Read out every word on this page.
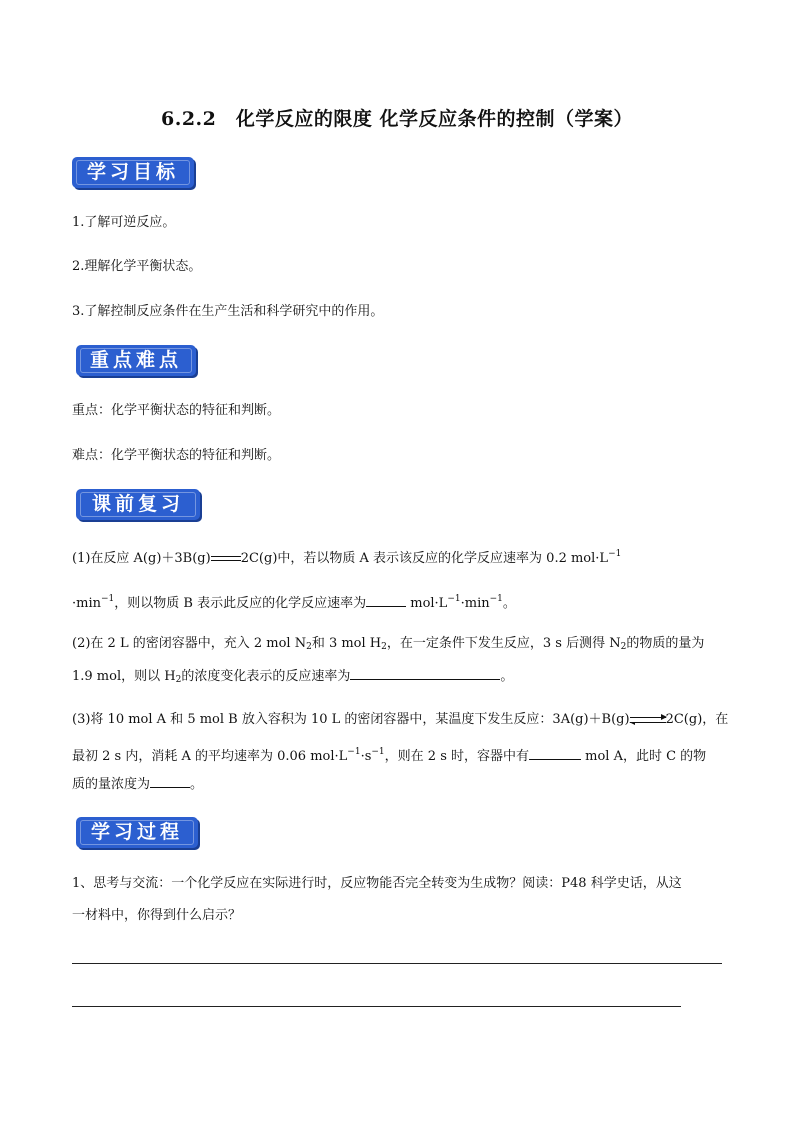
6.2.2　化学反应的限度 化学反应条件的控制（学案）
学习目标
1.了解可逆反应。
2.理解化学平衡状态。
3.了解控制反应条件在生产生活和科学研究中的作用。
重点难点
重点：化学平衡状态的特征和判断。
难点：化学平衡状态的特征和判断。
课前复习
(1)在反应 A(g)＋3B(g) 2C(g)中，若以物质 A 表示该反应的化学反应速率为 0.2 $mol\cdot L^{-1}$
$\cdot\min^{-1}$，则以物质 B 表示此反应的化学反应速率为	$mol\cdot L^{-1}\cdot\min^{-1}$。
(2)在 2 L 的密闭容器中，充入 2 mol $N_2$和 3 mol $H_2$，在一定条件下发生反应，3 s 后测得 $N_2$的物质的量为
1.9 mol，则以 $H_2$的浓度变化表示的反应速率为	。
(3)将 10 mol A 和 5 mol B 放入容积为 10 L 的密闭容器中，某温度下发生反应：3A(g)＋B(g)⇌2C(g)，在
最初 2 s 内，消耗 A 的平均速率为 0.06 $mol\cdot L^{-1}\cdot s^{-1}$，则在 2 s 时，容器中有	mol A，此时 C 的物
质的量浓度为	。
学习过程
1、思考与交流：一个化学反应在实际进行时，反应物能否完全转变为生成物？阅读：P48 科学史话，从这
一材料中，你得到什么启示？
